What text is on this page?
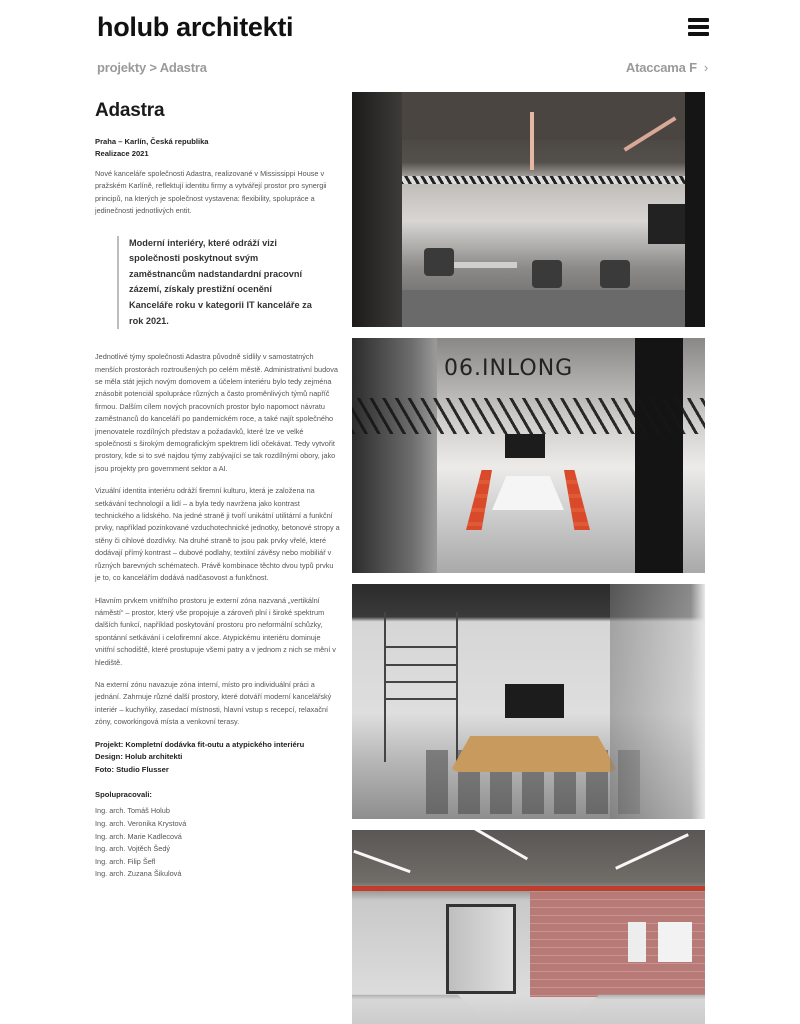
holub architekti
projekty > Adastra	Ataccama F ›
Adastra
Praha – Karlín, Česká republika
Realizace 2021

Nové kanceláře společnosti Adastra, realizované v Mississippi House v pražském Karlíně, reflektují identitu firmy a vytvářejí prostor pro synergii principů, na kterých je společnost vystavena: flexibility, spolupráce a jedinečnosti jednotlivých entit.

Moderní interiéry, které odráží vizi společnosti poskytnout svým zaměstnancům nadstandardní pracovní zázemí, získaly prestižní ocenění Kanceláře roku v kategorii IT kanceláře za rok 2021.

Jednotlivé týmy společnosti Adastra původně sídlily v samostatných menších prostorách roztroušených po celém městě. Administrativní budova se měla stát jejich novým domovem a účelem interiéru bylo tedy zejména znásobit potenciál spolupráce různých a často proměnlivých týmů napříč firmou. Dalším cílem nových pracovních prostor bylo napomoct návratu zaměstnanců do kanceláří po pandemickém roce, a také najít společného jmenovatele rozdílných představ a požadavků, které lze ve velké společnosti s širokým demografickým spektrem lidí očekávat. Tedy vytvořit prostory, kde si to své najdou týmy zabývající se tak rozdílnými obory, jako jsou projekty pro government sektor a AI.

Vizuální identita interiéru odráží firemní kulturu, která je založena na setkávání technologií a lidí – a byla tedy navržena jako kontrast technického a lidského. Na jedné straně ji tvoří unikátní utilitární a funkční prvky, například pozinkované vzduchotechnické jednotky, betonové stropy a stěny či cihlové dozdívky. Na druhé straně to jsou pak prvky vřelé, které dodávají přímý kontrast – dubové podlahy, textilní závěsy nebo mobiliář v různých barevných schématech. Právě kombinace těchto dvou typů prvku je to, co kancelářím dodává nadčasovost a funkčnost.

Hlavním prvkem vnitřního prostoru je externí zóna nazvaná „vertikální náměstí“ – prostor, který vše propojuje a zároveň plní i široké spektrum dalších funkcí, například poskytování prostoru pro neformální schůzky, spontánní setkávání i celofiremní akce. Atypickému interiéru dominuje vnitřní schodiště, které prostupuje všemi patry a v jednom z nich se mění v hlediště.

Na externí zónu navazuje zóna interní, místo pro individuální práci a jednání. Zahrnuje různé další prostory, které dotváří moderní kancelářský interiér – kuchyňky, zasedací místnosti, hlavní vstup s recepcí, relaxační zóny, coworkingová místa a venkovní terasy.

Projekt: Kompletní dodávka fit-outu a atypického interiéru
Design: Holub architekti
Foto: Studio Flusser
Spolupracovali:
Ing. arch. Tomáš Holub
Ing. arch. Veronika Krystová
Ing. arch. Marie Kadlecová
Ing. arch. Vojtěch Šedý
Ing. arch. Filip Šefl
Ing. arch. Zuzana Šikulová
06.INLONG
